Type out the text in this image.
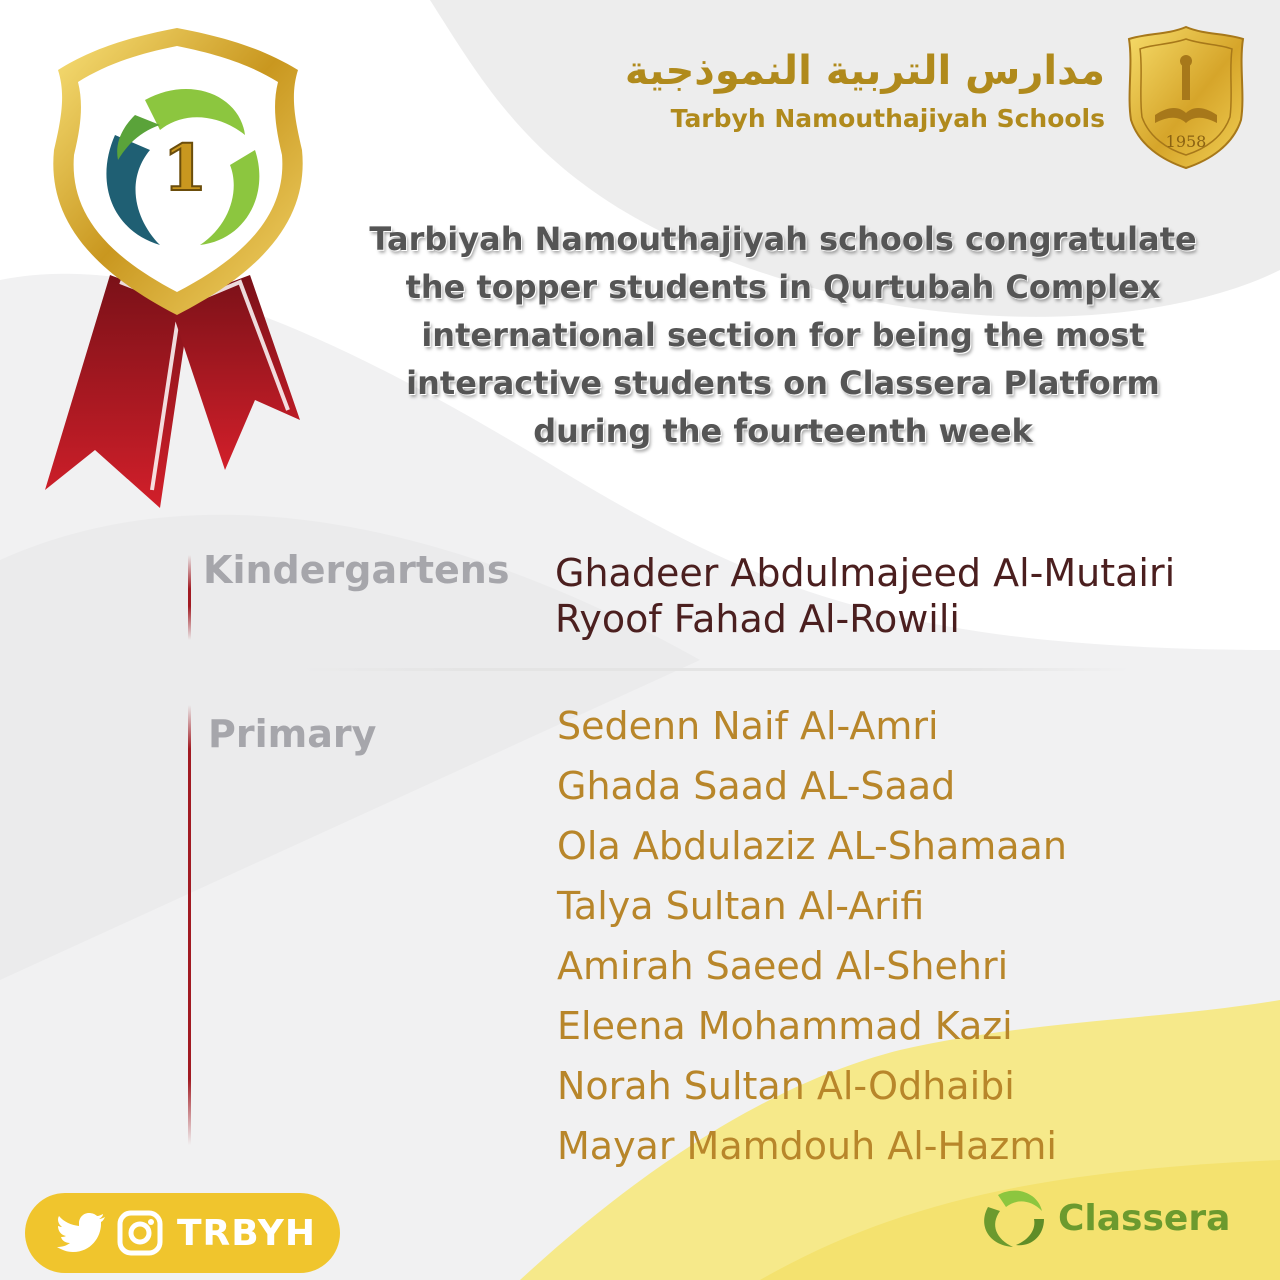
1
مدارس التربية النموذجية
Tarbyh Namouthajiyah Schools
1958
Tarbiyah Namouthajiyah schools congratulate
the topper students in Qurtubah Complex
international section for being the most
interactive students on Classera Platform
during the fourteenth week
Kindergartens Ghadeer Abdulmajeed Al-Mutairi
Ryoof Fahad Al-Rowili
Primary	Sedenn Naif Al-Amri
Ghada Saad AL-Saad
Ola Abdulaziz AL-Shamaan
Talya Sultan Al-Arifi
Amirah Saeed Al-Shehri
Eleena Mohammad Kazi
Norah Sultan Al-Odhaibi
Mayar Mamdouh Al-Hazmi
TRBYH	Classera
